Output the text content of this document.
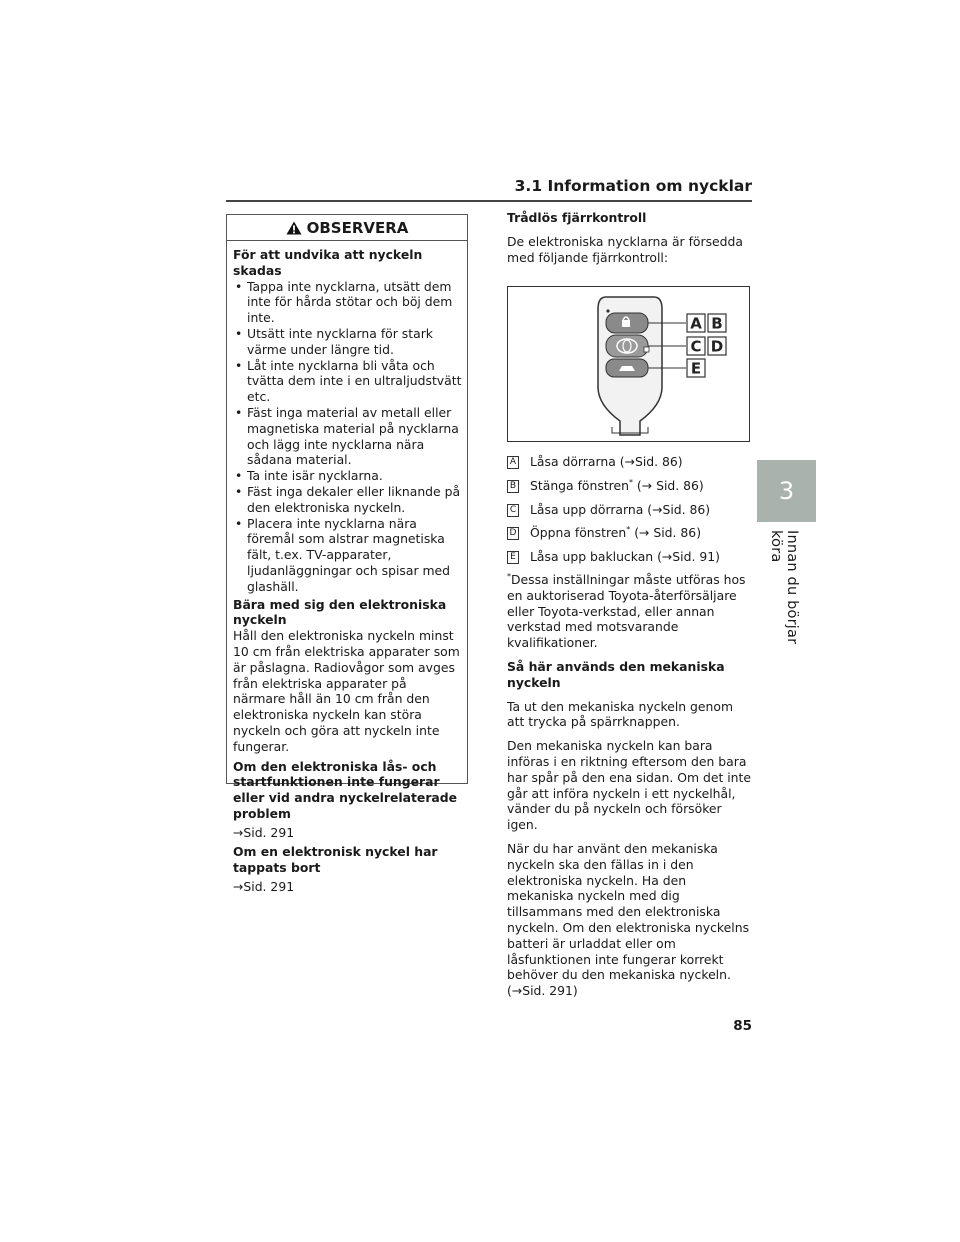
3.1 Information om nycklar
3
Innan du börjar köra
OBSERVERA

För att undvika att nyckeln skadas

• Tappa inte nycklarna, utsätt dem inte för hårda stötar och böj dem inte.

• Utsätt inte nycklarna för stark värme under längre tid.

• Låt inte nycklarna bli våta och tvätta dem inte i en ultraljudstvätt etc.

• Fäst inga material av metall eller magnetiska material på nycklarna och lägg inte nycklarna nära sådana material.

• Ta inte isär nycklarna.

• Fäst inga dekaler eller liknande på den elektroniska nyckeln.

• Placera inte nycklarna nära föremål som alstrar magnetiska fält, t.ex. TV-apparater, ljudanläggningar och spisar med glashäll.

Bära med sig den elektroniska nyckeln

Håll den elektroniska nyckeln minst 10 cm från elektriska apparater som är påslagna. Radiovågor som avges från elektriska apparater på närmare håll än 10 cm från den elektroniska nyckeln kan störa nyckeln och göra att nyckeln inte fungerar.

Om den elektroniska lås- och startfunktionen inte fungerar eller vid andra nyckelrelaterade problem

→Sid. 291

Om en elektronisk nyckel har tappats bort

→Sid. 291

Trådlös fjärrkontroll

De elektroniska nycklarna är försedda med följande fjärrkontroll:

A B
C D
E
A Låsa dörrarna (→Sid. 86)
B Stänga fönstren* (→ Sid. 86)
C Låsa upp dörrarna (→Sid. 86)
D Öppna fönstren* (→ Sid. 86)
E Låsa upp bakluckan (→Sid. 91)

*Dessa inställningar måste utföras hos en auktoriserad Toyota-återförsäljare eller Toyota-verkstad, eller annan verkstad med motsvarande kvalifikationer.

Så här används den mekaniska nyckeln

Ta ut den mekaniska nyckeln genom att trycka på spärrknappen.

Den mekaniska nyckeln kan bara införas i en riktning eftersom den bara har spår på den ena sidan. Om det inte går att införa nyckeln i ett nyckelhål, vänder du på nyckeln och försöker igen.

När du har använt den mekaniska nyckeln ska den fällas in i den elektroniska nyckeln. Ha den mekaniska nyckeln med dig tillsammans med den elektroniska nyckeln. Om den elektroniska nyckelns batteri är urladdat eller om låsfunktionen inte fungerar korrekt behöver du den mekaniska nyckeln. (→Sid. 291)

85
